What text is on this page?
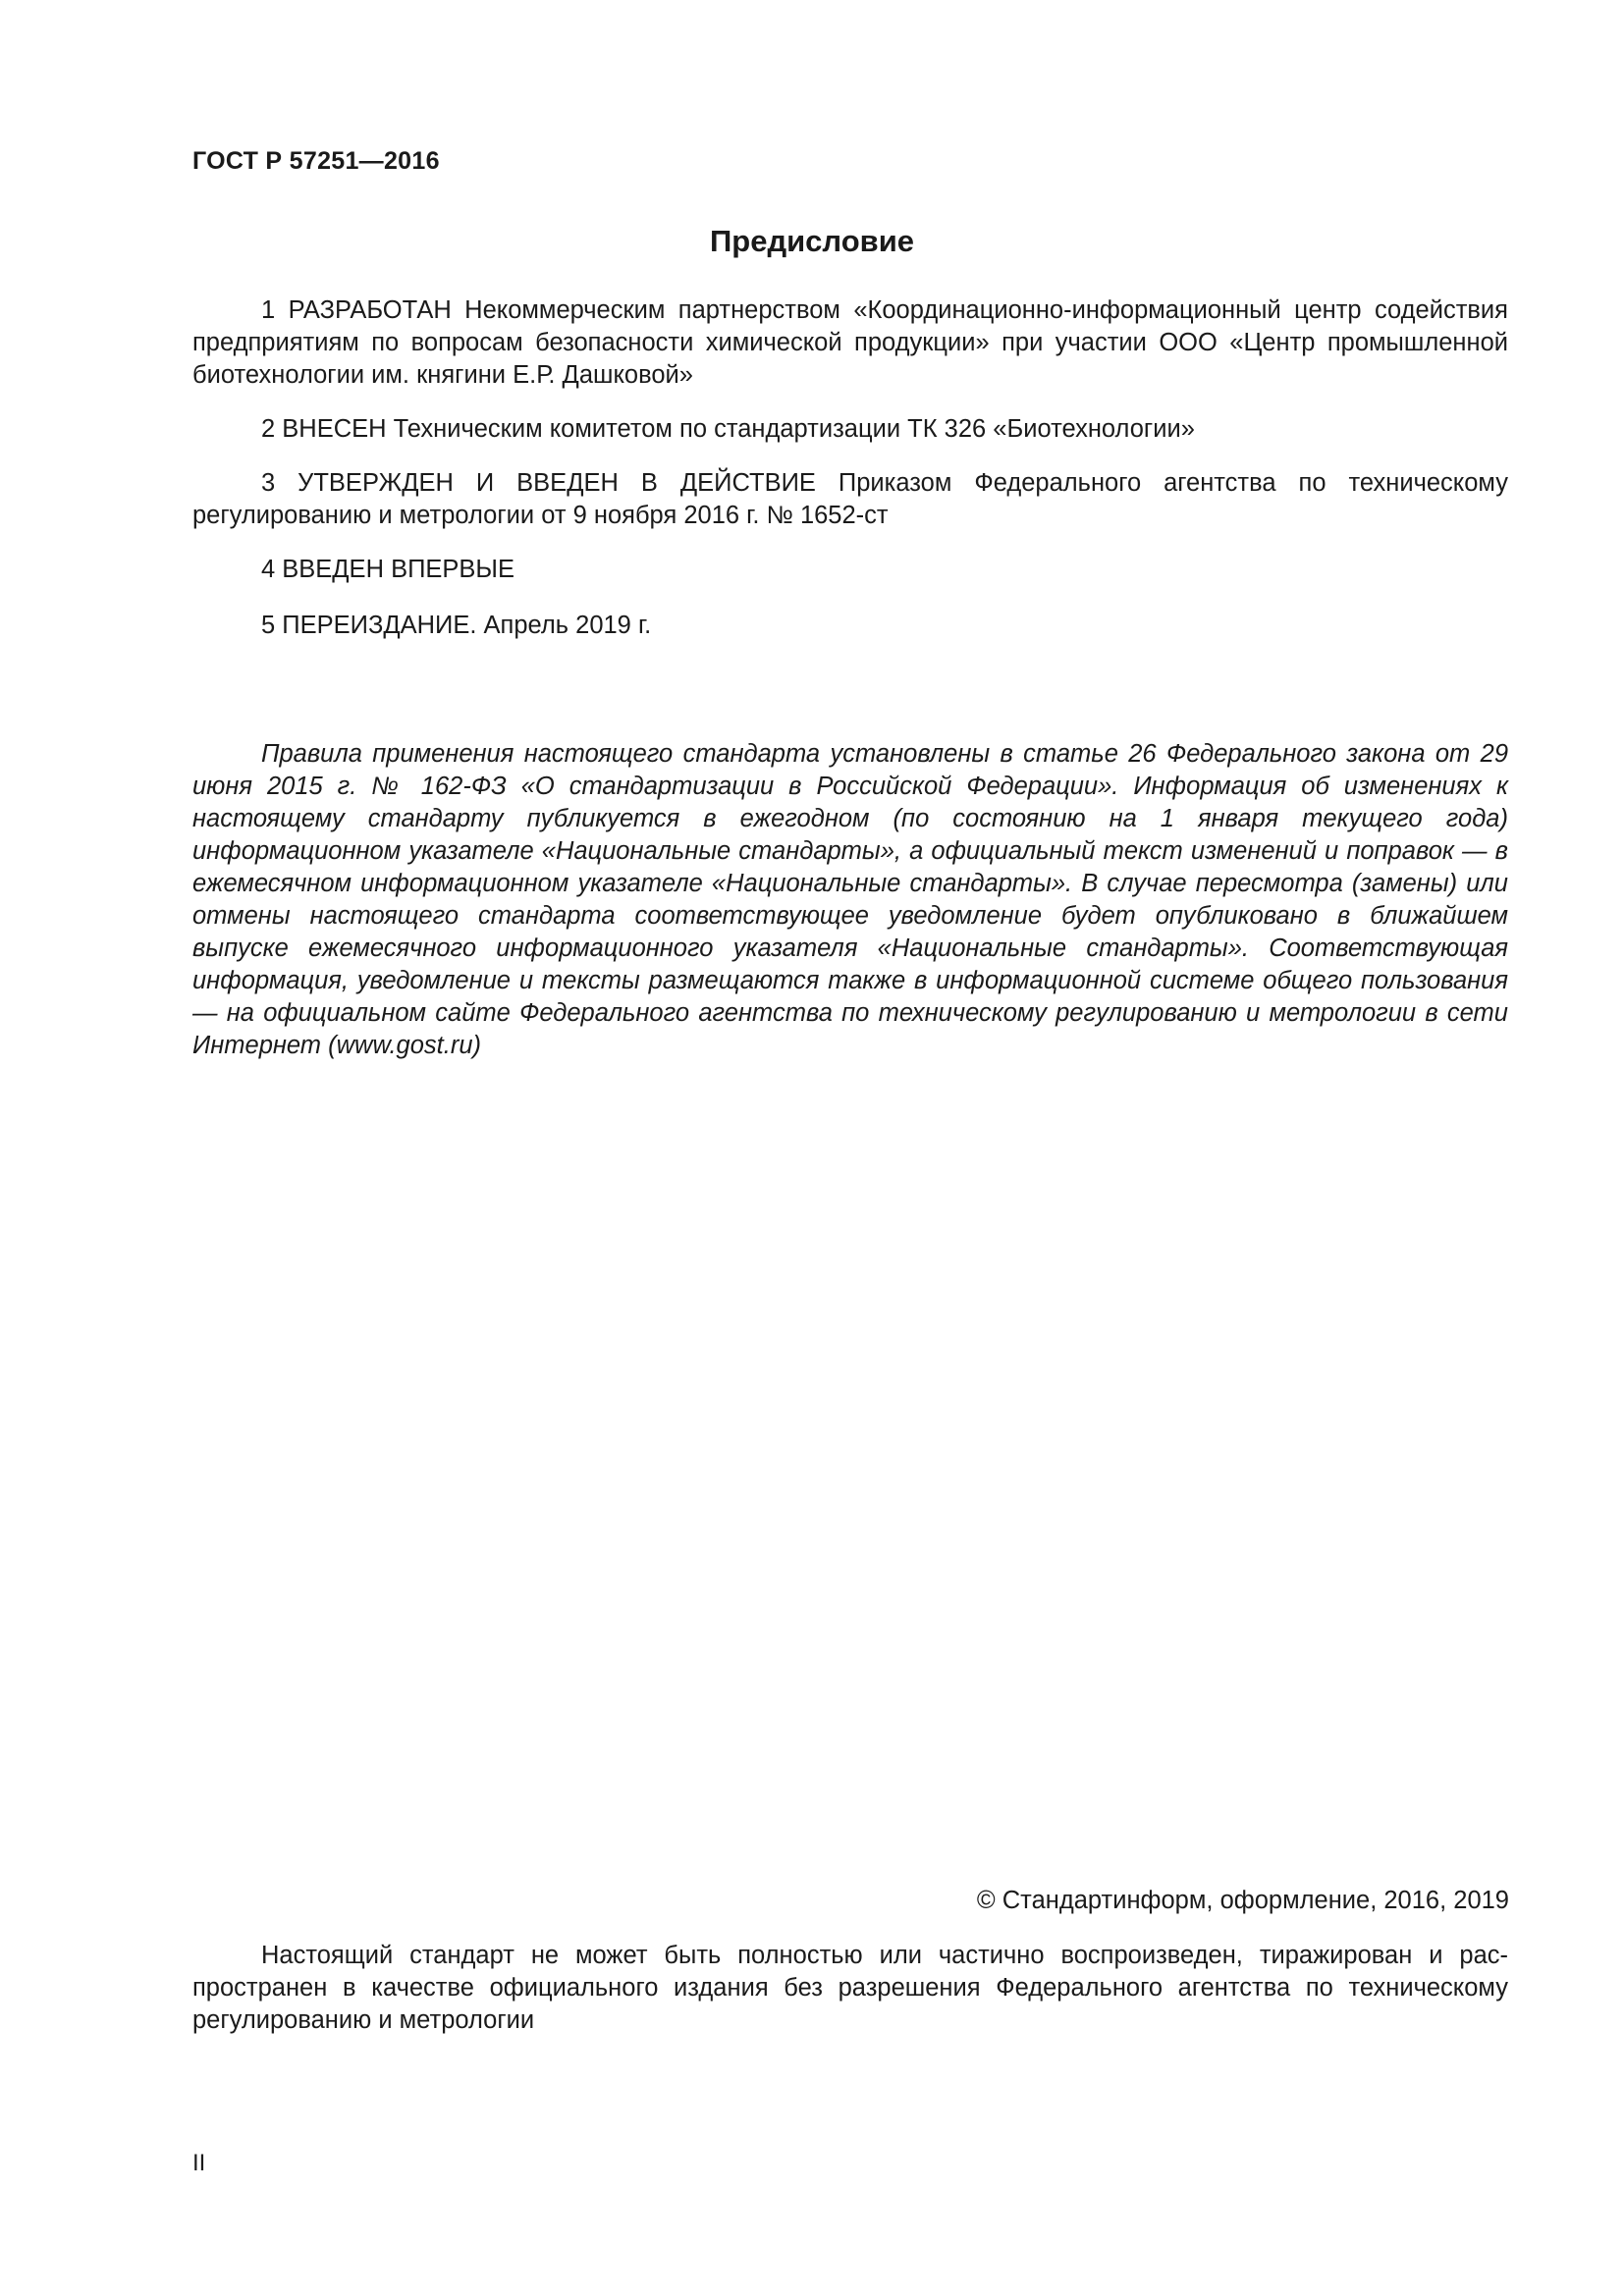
ГОСТ Р 57251—2016
Предисловие
1 РАЗРАБОТАН Некоммерческим партнерством «Координационно-информационный центр содействия предприятиям по вопросам безопасности химической продукции» при участии ООО «Центр промышленной биотехнологии им. княгини Е.Р. Дашковой»
2 ВНЕСЕН Техническим комитетом по стандартизации ТК 326 «Биотехнологии»
3 УТВЕРЖДЕН И ВВЕДЕН В ДЕЙСТВИЕ Приказом Федерального агентства по техническому регулированию и метрологии от 9 ноября 2016 г. № 1652-ст
4 ВВЕДЕН ВПЕРВЫЕ
5 ПЕРЕИЗДАНИЕ. Апрель 2019 г.
Правила применения настоящего стандарта установлены в статье 26 Федерального закона от 29 июня 2015 г. № 162-ФЗ «О стандартизации в Российской Федерации». Информация об изменениях к настоящему стандарту публикуется в ежегодном (по состоянию на 1 января текущего года) информационном указателе «Национальные стандарты», а официальный текст изменений и поправок — в ежемесячном информационном указателе «Национальные стандарты». В случае пересмотра (замены) или отмены настоящего стандарта соответствующее уведомление будет опубликовано в ближайшем выпуске ежемесячного информационного указателя «Национальные стандарты». Соответствующая информация, уведомление и тексты размещаются также в информационной системе общего пользования — на официальном сайте Федерального агентства по техническому регулированию и метрологии в сети Интернет (www.gost.ru)
© Стандартинформ, оформление, 2016, 2019
Настоящий стандарт не может быть полностью или частично воспроизведен, тиражирован и распространен в качестве официального издания без разрешения Федерального агентства по техническому регулированию и метрологии
II
